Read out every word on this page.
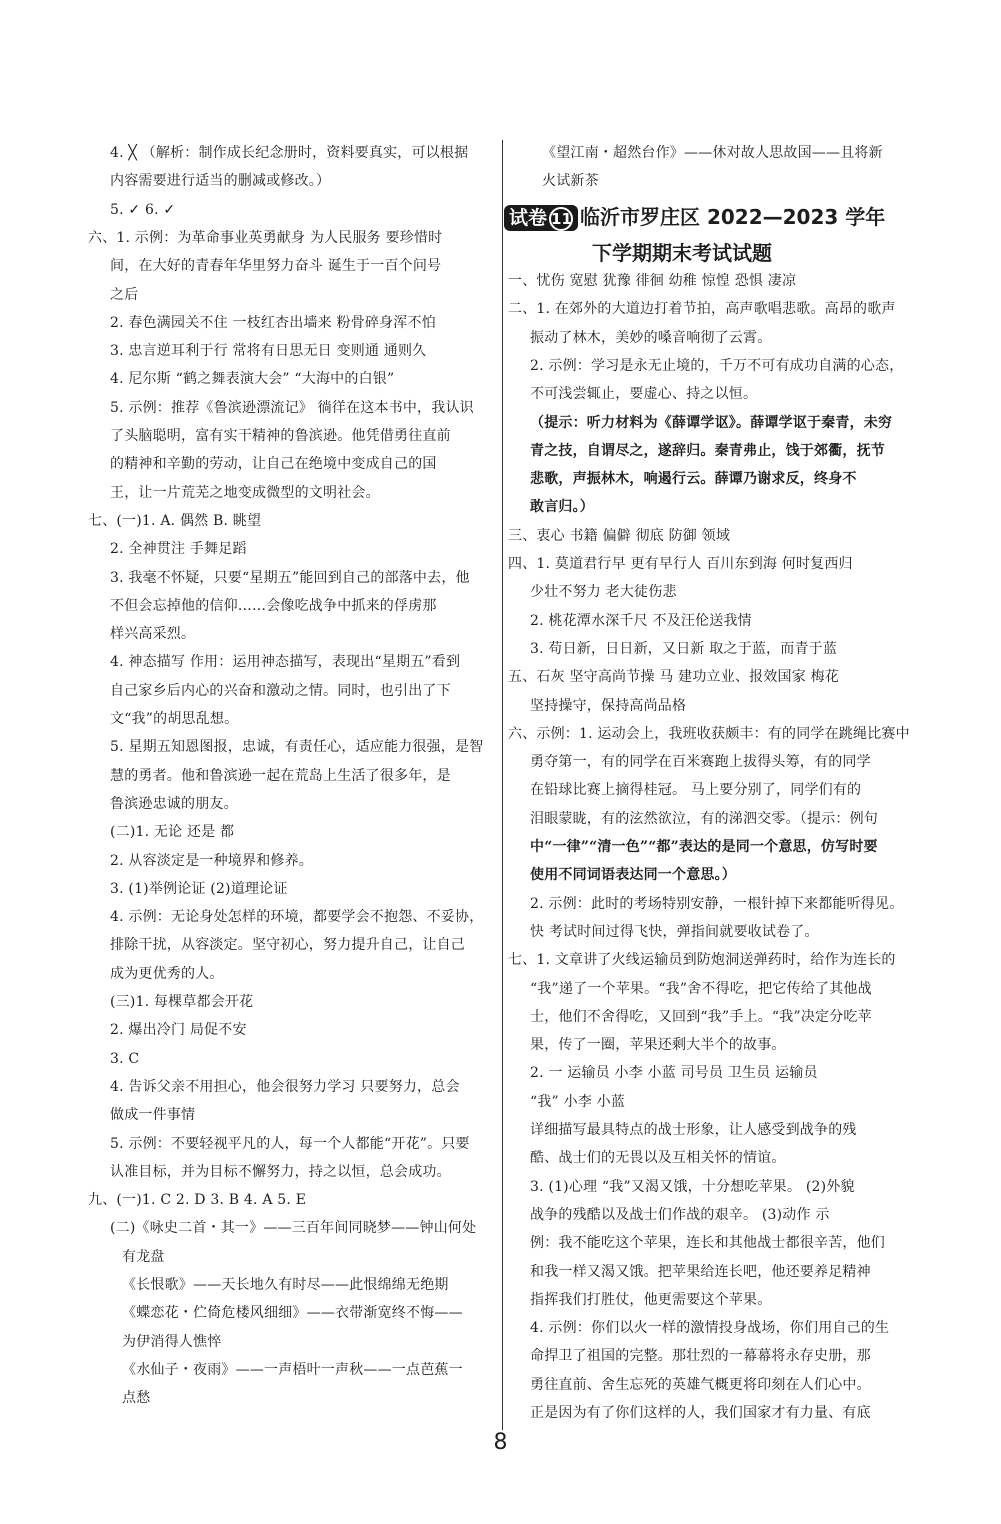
4. ╳ （解析：制作成长纪念册时，资料要真实，可以根据
内容需要进行适当的删减或修改。）
5. ✓ 6. ✓
六、1. 示例：为革命事业英勇献身 为人民服务 要珍惜时
间，在大好的青春年华里努力奋斗 诞生于一百个问号
之后
2. 春色满园关不住 一枝红杏出墙来 粉骨碎身浑不怕
3. 忠言逆耳利于行 常将有日思无日 变则通 通则久
4. 尼尔斯 “鹤之舞表演大会” “大海中的白银”
5. 示例：推荐《鲁滨逊漂流记》 徜徉在这本书中，我认识
了头脑聪明，富有实干精神的鲁滨逊。他凭借勇往直前
的精神和辛勤的劳动，让自己在绝境中变成自己的国
王，让一片荒芜之地变成微型的文明社会。
七、(一)1. A. 偶然 B. 眺望
2. 全神贯注 手舞足蹈
3. 我毫不怀疑，只要“星期五”能回到自己的部落中去，他
不但会忘掉他的信仰……会像吃战争中抓来的俘虏那
样兴高采烈。
4. 神态描写 作用：运用神态描写，表现出“星期五”看到
自己家乡后内心的兴奋和激动之情。同时，也引出了下
文“我”的胡思乱想。
5. 星期五知恩图报，忠诚，有责任心，适应能力很强，是智
慧的勇者。他和鲁滨逊一起在荒岛上生活了很多年，是
鲁滨逊忠诚的朋友。
(二)1. 无论 还是 都
2. 从容淡定是一种境界和修养。
3. (1)举例论证 (2)道理论证
4. 示例：无论身处怎样的环境，都要学会不抱怨、不妥协，
排除干扰，从容淡定。坚守初心，努力提升自己，让自己
成为更优秀的人。
(三)1. 每棵草都会开花
2. 爆出冷门 局促不安
3. C
4. 告诉父亲不用担心，他会很努力学习 只要努力，总会
做成一件事情
5. 示例：不要轻视平凡的人，每一个人都能“开花”。只要
认准目标，并为目标不懈努力，持之以恒，总会成功。
九、(一)1. C 2. D 3. B 4. A 5. E
(二)《咏史二首・其一》——三百年间同晓梦——钟山何处
有龙盘
《长恨歌》——天长地久有时尽——此恨绵绵无绝期
《蝶恋花・伫倚危楼风细细》——衣带渐宽终不悔——
为伊消得人憔悴
《水仙子・夜雨》——一声梧叶一声秋——一点芭蕉一
点愁
《望江南・超然台作》——休对故人思故国——且将新
火试新茶
试卷 11 临沂市罗庄区 2022—2023 学年
下学期期末考试试题
一、忧伤 宽慰 犹豫 徘徊 幼稚 惊惶 恐惧 凄凉
二、1. 在郊外的大道边打着节拍，高声歌唱悲歌。高昂的歌声
振动了林木，美妙的嗓音响彻了云霄。
2. 示例：学习是永无止境的，千万不可有成功自满的心态，
不可浅尝辄止，要虚心、持之以恒。
（提示：听力材料为《薛谭学讴》。薛谭学讴于秦青，未穷
青之技，自谓尽之，遂辞归。秦青弗止，饯于郊衢，抚节
悲歌，声振林木，响遏行云。薛谭乃谢求反，终身不
敢言归。）
三、衷心 书籍 偏僻 彻底 防御 领域
四、1. 莫道君行早 更有早行人 百川东到海 何时复西归
少壮不努力 老大徒伤悲
2. 桃花潭水深千尺 不及汪伦送我情
3. 苟日新，日日新，又日新 取之于蓝，而青于蓝
五、石灰 坚守高尚节操 马 建功立业、报效国家 梅花
坚持操守，保持高尚品格
六、示例：1. 运动会上，我班收获颇丰：有的同学在跳绳比赛中
勇夺第一，有的同学在百米赛跑上拔得头筹，有的同学
在铅球比赛上摘得桂冠。 马上要分别了，同学们有的
泪眼蒙眬，有的泫然欲泣，有的涕泗交零。（提示：例句
中“一律”“清一色”“都”表达的是同一个意思，仿写时要
使用不同词语表达同一个意思。）
2. 示例：此时的考场特别安静，一根针掉下来都能听得见。
快 考试时间过得飞快，弹指间就要收试卷了。
七、1. 文章讲了火线运输员到防炮洞送弹药时，给作为连长的
“我”递了一个苹果。“我”舍不得吃，把它传给了其他战
士，他们不舍得吃，又回到“我”手上。“我”决定分吃苹
果，传了一圈，苹果还剩大半个的故事。
2. 一 运输员 小李 小蓝 司号员 卫生员 运输员
“我” 小李 小蓝
详细描写最具特点的战士形象，让人感受到战争的残
酷、战士们的无畏以及互相关怀的情谊。
3. (1)心理 “我”又渴又饿，十分想吃苹果。 (2)外貌
战争的残酷以及战士们作战的艰辛。 (3)动作 示
例：我不能吃这个苹果，连长和其他战士都很辛苦，他们
和我一样又渴又饿。把苹果给连长吧，他还要养足精神
指挥我们打胜仗，他更需要这个苹果。
4. 示例：你们以火一样的激情投身战场，你们用自己的生
命捍卫了祖国的完整。那壮烈的一幕幕将永存史册，那
勇往直前、舍生忘死的英雄气概更将印刻在人们心中。
正是因为有了你们这样的人，我们国家才有力量、有底
8
